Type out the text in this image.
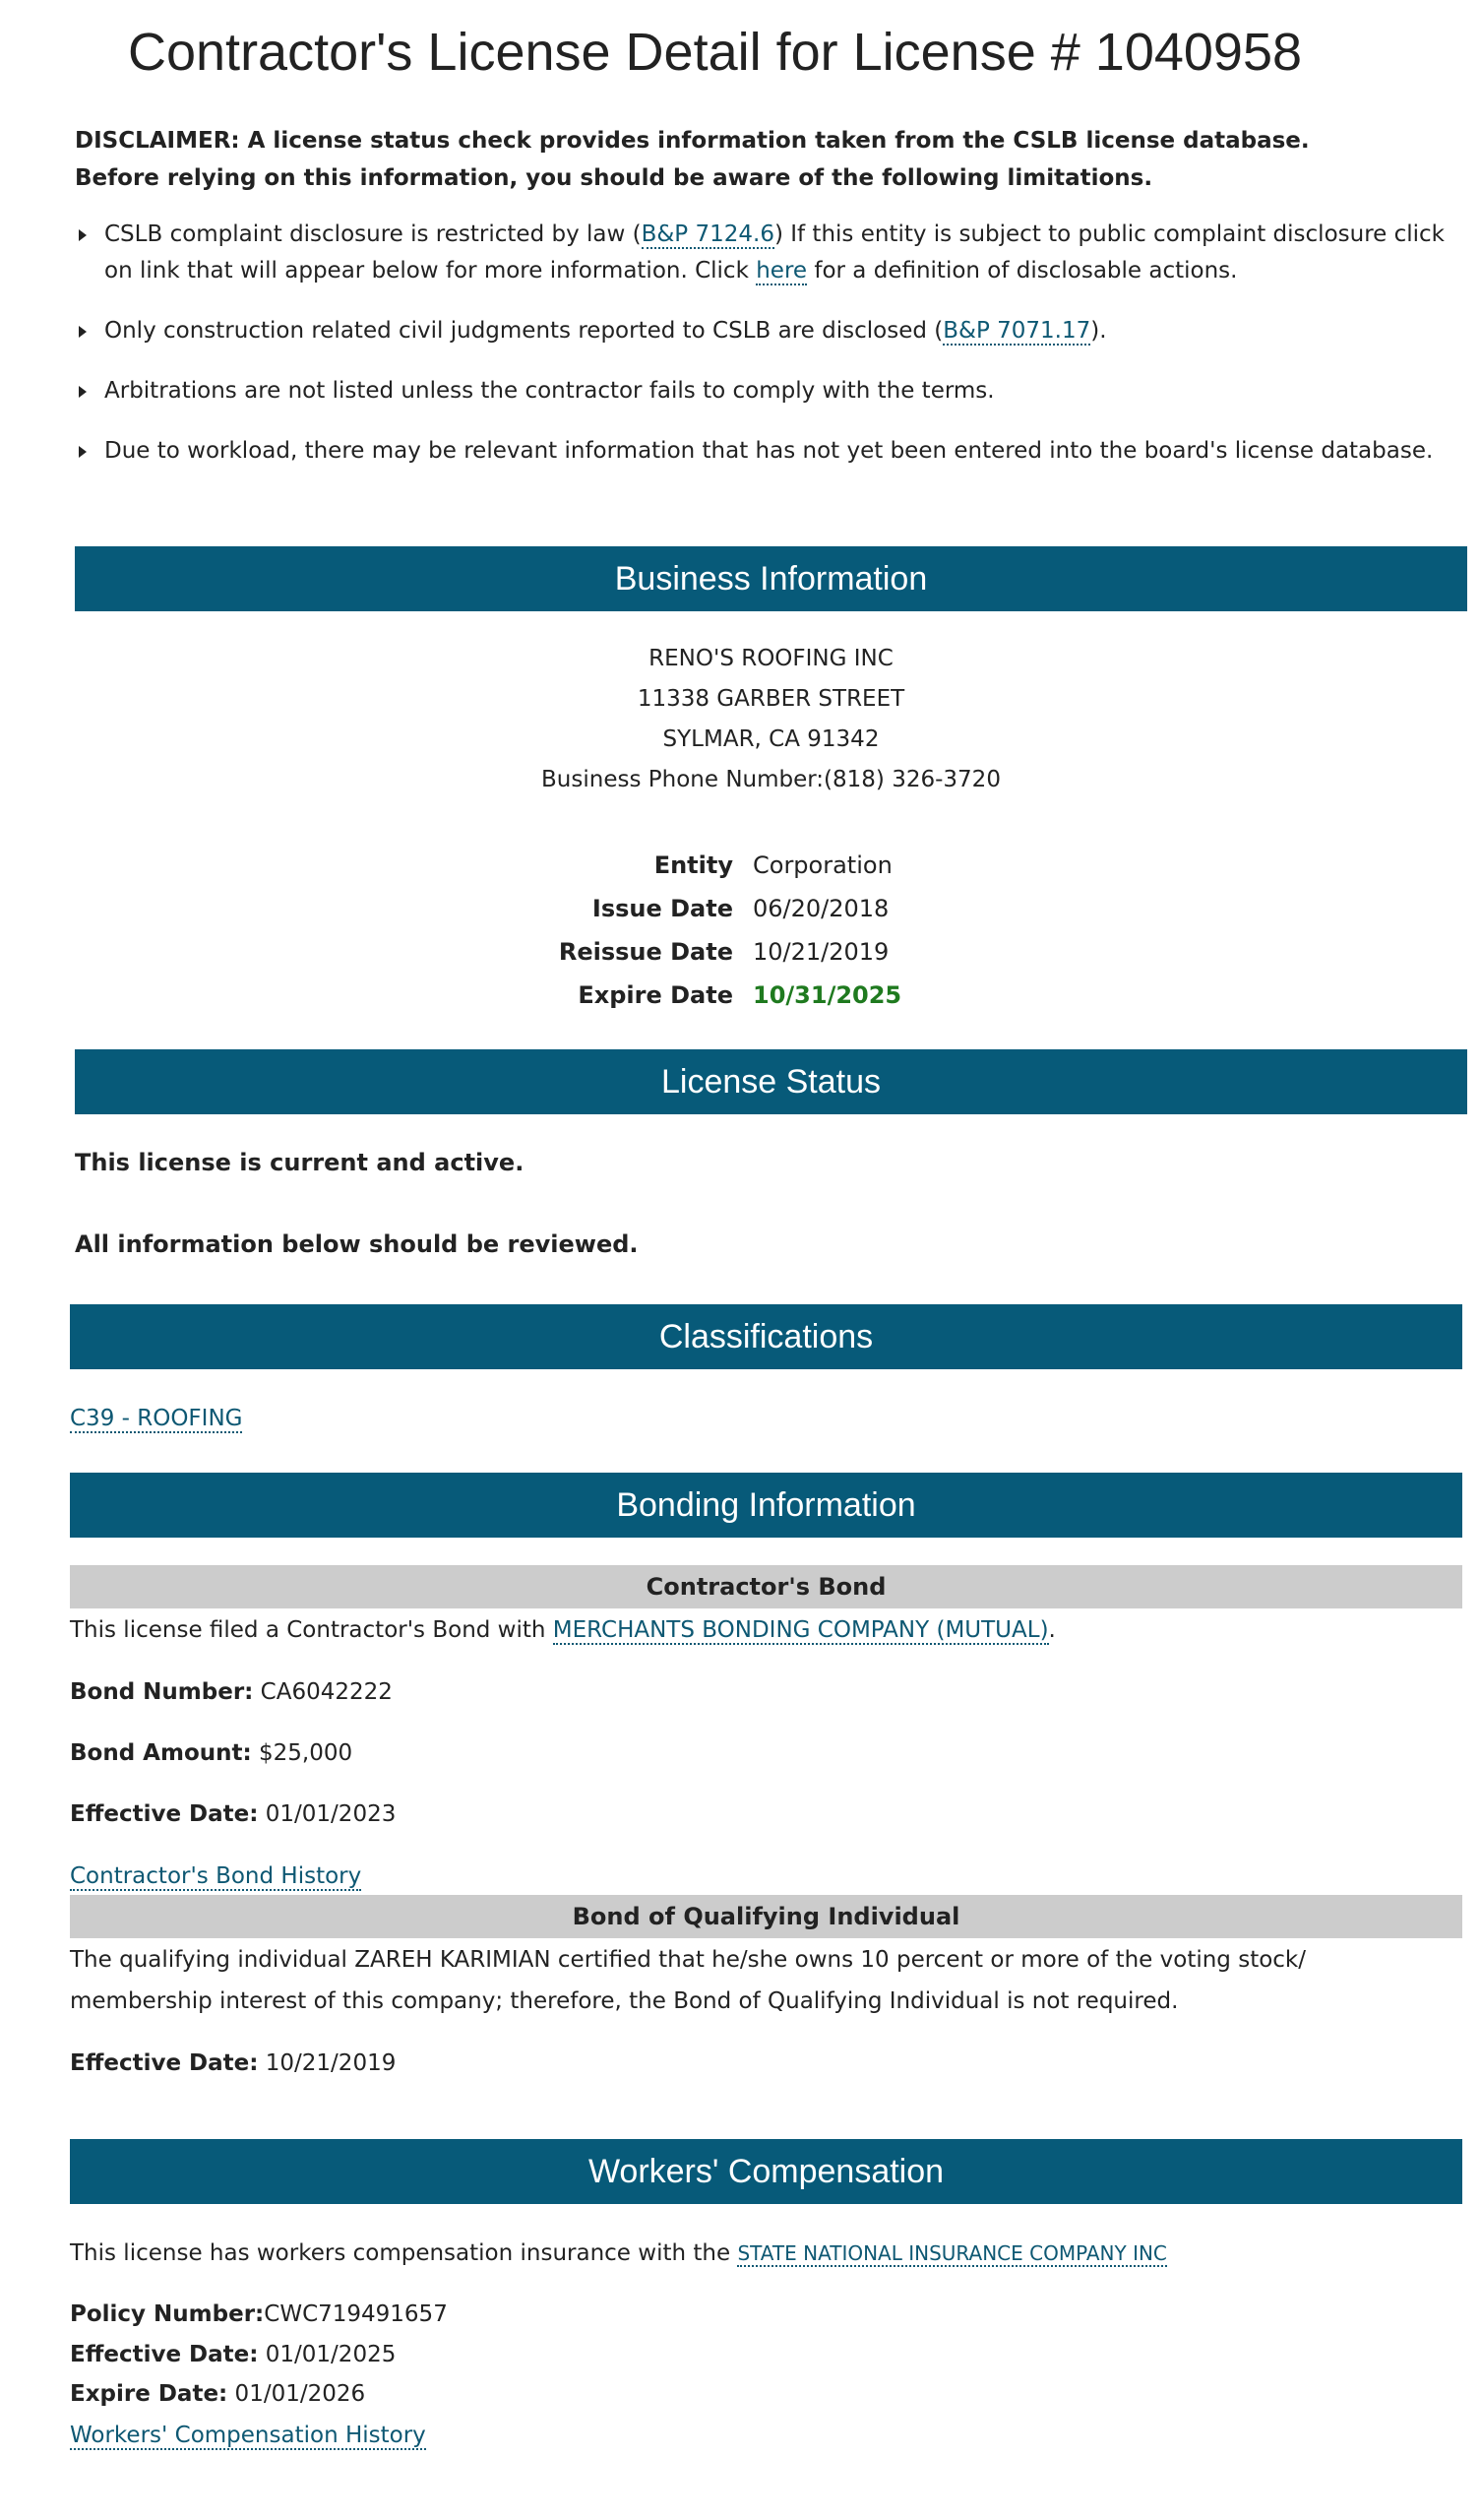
Contractor's License Detail for License # 1040958
DISCLAIMER: A license status check provides information taken from the CSLB license database. Before relying on this information, you should be aware of the following limitations.
CSLB complaint disclosure is restricted by law (B&P 7124.6) If this entity is subject to public complaint disclosure click on link that will appear below for more information. Click here for a definition of disclosable actions.
Only construction related civil judgments reported to CSLB are disclosed (B&P 7071.17).
Arbitrations are not listed unless the contractor fails to comply with the terms.
Due to workload, there may be relevant information that has not yet been entered into the board's license database.
Business Information
RENO'S ROOFING INC
11338 GARBER STREET
SYLMAR, CA 91342
Business Phone Number:(818) 326-3720
Entity Corporation
Issue Date 06/20/2018
Reissue Date 10/21/2019
Expire Date 10/31/2025
License Status
This license is current and active.
All information below should be reviewed.
Classifications
C39 - ROOFING
Bonding Information
Contractor's Bond
This license filed a Contractor's Bond with MERCHANTS BONDING COMPANY (MUTUAL).
Bond Number: CA6042222
Bond Amount: $25,000
Effective Date: 01/01/2023
Contractor's Bond History
Bond of Qualifying Individual
The qualifying individual ZAREH KARIMIAN certified that he/she owns 10 percent or more of the voting stock/ membership interest of this company; therefore, the Bond of Qualifying Individual is not required.
Effective Date: 10/21/2019
Workers' Compensation
This license has workers compensation insurance with the STATE NATIONAL INSURANCE COMPANY INC
Policy Number:CWC719491657
Effective Date: 01/01/2025
Expire Date: 01/01/2026
Workers' Compensation History
